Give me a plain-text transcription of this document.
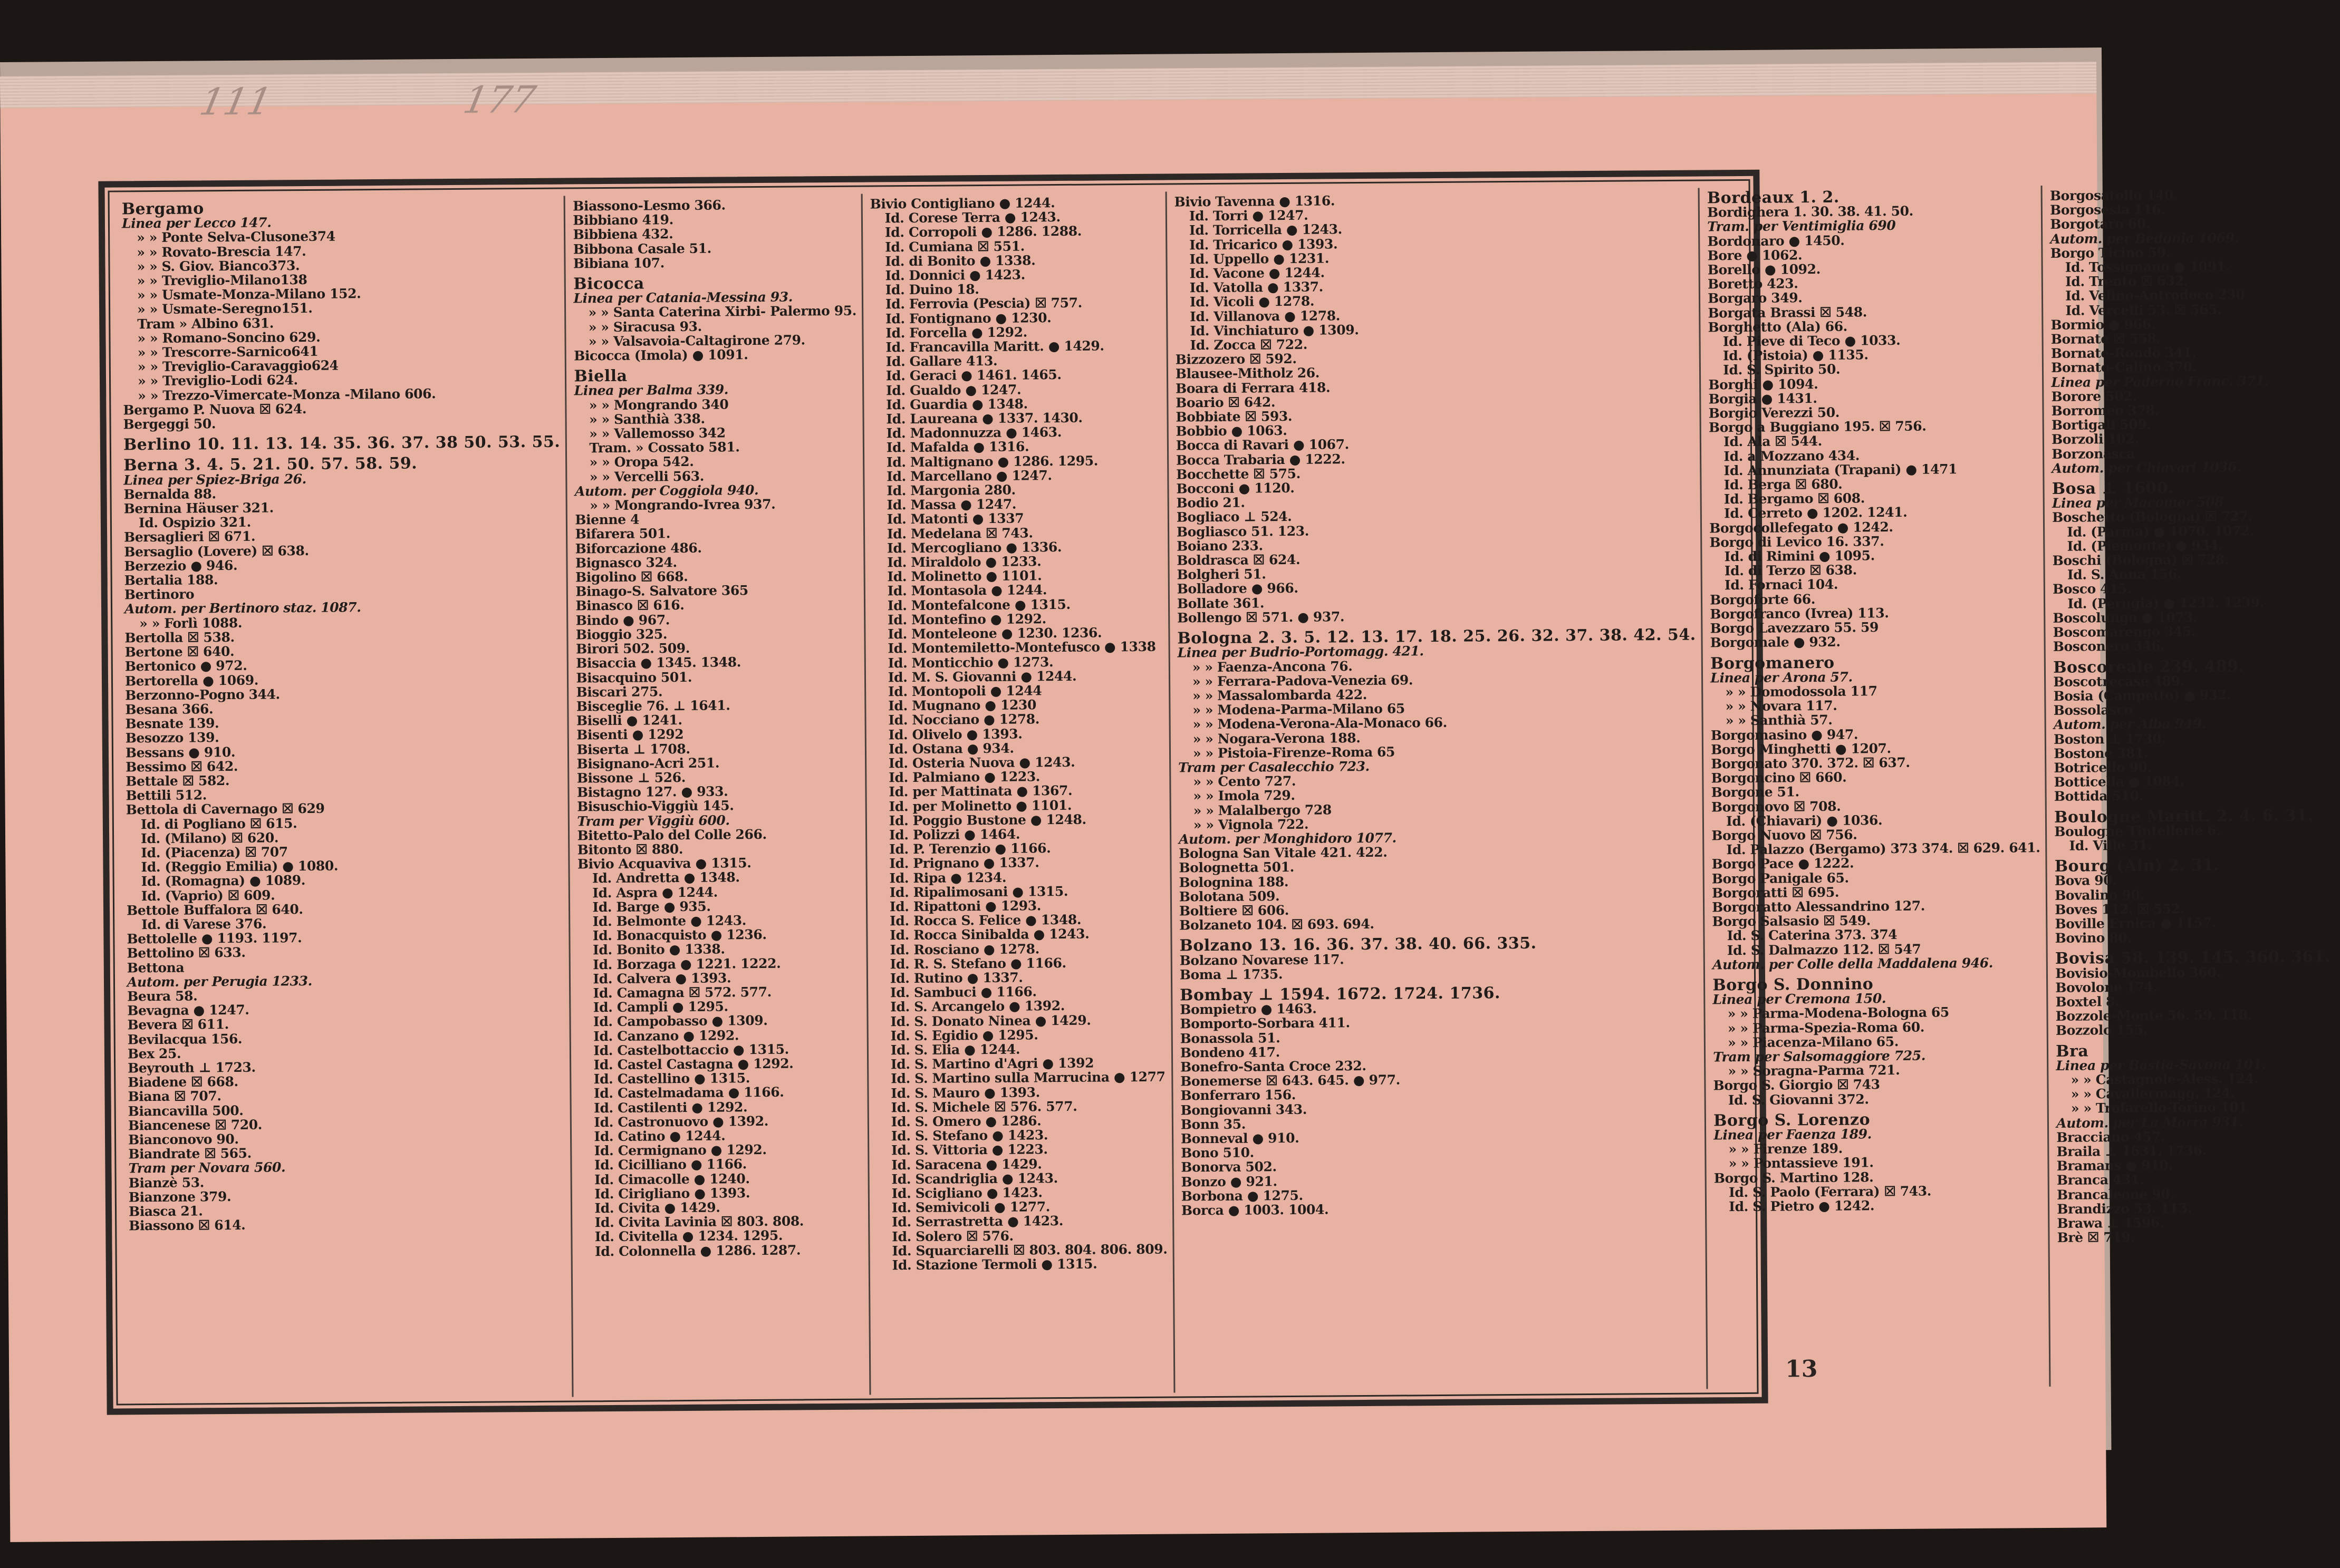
111	177
Bergamo
Linea per Lecco 147.
» » Ponte Selva-Clusone374
» » Rovato-Brescia 147.
» » S. Giov. Bianco373.
» » Treviglio-Milano138
» » Usmate-Monza-Milano 152.
» » Usmate-Seregno151.
Tram » Albino 631.
» » Romano-Soncino 629.
» » Trescorre-Sarnico641
» » Treviglio-Caravaggio624
» » Treviglio-Lodi 624.
» » Trezzo-Vimercate-Monza -Milano 606.
Bergamo P. Nuova ☒ 624.
Bergeggi 50.
Berlino 10. 11. 13. 14. 35. 36. 37. 38 50. 53. 55.
Berna 3. 4. 5. 21. 50. 57. 58. 59.
Linea per Spiez-Briga 26.
Bernalda 88.
Bernina Häuser 321.
Id. Ospizio 321.
Bersaglieri ☒ 671.
Bersaglio (Lovere) ☒ 638.
Berzezio ● 946.
Bertalia 188.
Bertinoro
Autom. per Bertinoro staz. 1087.
» » Forlì 1088.
Bertolla ☒ 538.
Bertone ☒ 640.
Bertonico ● 972.
Bertorella ● 1069.
Berzonno-Pogno 344.
Besana 366.
Besnate 139.
Besozzo 139.
Bessans ● 910.
Bessimo ☒ 642.
Bettale ☒ 582.
Bettili 512.
Bettola di Cavernago ☒ 629
Id. di Pogliano ☒ 615.
Id. (Milano) ☒ 620.
Id. (Piacenza) ☒ 707
Id. (Reggio Emilia) ● 1080.
Id. (Romagna) ● 1089.
Id. (Vaprio) ☒ 609.
Bettole Buffalora ☒ 640.
Id. di Varese 376.
Bettolelle ● 1193. 1197.
Bettolino ☒ 633.
Bettona
Autom. per Perugia 1233.
Beura 58.
Bevagna ● 1247.
Bevera ☒ 611.
Bevilacqua 156.
Bex 25.
Beyrouth ⊥ 1723.
Biadene ☒ 668.
Biana ☒ 707.
Biancavilla 500.
Biancenese ☒ 720.
Bianconovo 90.
Biandrate ☒ 565.
Tram per Novara 560.
Bianzè 53.
Bianzone 379.
Biasca 21.
Biassono ☒ 614.
Biassono-Lesmo 366.
Bibbiano 419.
Bibbiena 432.
Bibbona Casale 51.
Bibiana 107.
Bicocca
Linea per Catania-Messina 93.
» » Santa Caterina Xirbi- Palermo 95.
» » Siracusa 93.
» » Valsavoia-Caltagirone 279.
Bicocca (Imola) ● 1091.
Biella
Linea per Balma 339.
» » Mongrando 340
» » Santhià 338.
» » Vallemosso 342
Tram. » Cossato 581.
» » Oropa 542.
» » Vercelli 563.
Autom. per Coggiola 940.
» » Mongrando-Ivrea 937.
Bienne 4
Bifarera 501.
Biforcazione 486.
Bignasco 324.
Bigolino ☒ 668.
Binago-S. Salvatore 365
Binasco ☒ 616.
Bindo ● 967.
Bioggio 325.
Birori 502. 509.
Bisaccia ● 1345. 1348.
Bisacquino 501.
Biscari 275.
Bisceglie 76. ⊥ 1641.
Biselli ● 1241.
Bisenti ● 1292
Biserta ⊥ 1708.
Bisignano-Acri 251.
Bissone ⊥ 526.
Bistagno 127. ● 933.
Bisuschio-Viggiù 145.
Tram per Viggiù 600.
Bitetto-Palo del Colle 266.
Bitonto ☒ 880.
Bivio Acquaviva ● 1315.
Id. Andretta ● 1348.
Id. Aspra ● 1244.
Id. Barge ● 935.
Id. Belmonte ● 1243.
Id. Bonacquisto ● 1236.
Id. Bonito ● 1338.
Id. Borzaga ● 1221. 1222.
Id. Calvera ● 1393.
Id. Camagna ☒ 572. 577.
Id. Campli ● 1295.
Id. Campobasso ● 1309.
Id. Canzano ● 1292.
Id. Castelbottaccio ● 1315.
Id. Castel Castagna ● 1292.
Id. Castellino ● 1315.
Id. Castelmadama ● 1166.
Id. Castilenti ● 1292.
Id. Castronuovo ● 1392.
Id. Catino ● 1244.
Id. Cermignano ● 1292.
Id. Cicilliano ● 1166.
Id. Cimacolle ● 1240.
Id. Cirigliano ● 1393.
Id. Civita ● 1429.
Id. Civita Lavinia ☒ 803. 808.
Id. Civitella ● 1234. 1295.
Id. Colonnella ● 1286. 1287.
Bivio Contigliano ● 1244.
Id. Corese Terra ● 1243.
Id. Corropoli ● 1286. 1288.
Id. Cumiana ☒ 551.
Id. di Bonito ● 1338.
Id. Donnici ● 1423.
Id. Duino 18.
Id. Ferrovia (Pescia) ☒ 757.
Id. Fontignano ● 1230.
Id. Forcella ● 1292.
Id. Francavilla Maritt. ● 1429.
Id. Gallare 413.
Id. Geraci ● 1461. 1465.
Id. Gualdo ● 1247.
Id. Guardia ● 1348.
Id. Laureana ● 1337. 1430.
Id. Madonnuzza ● 1463.
Id. Mafalda ● 1316.
Id. Maltignano ● 1286. 1295.
Id. Marcellano ● 1247.
Id. Margonia 280.
Id. Massa ● 1247.
Id. Matonti ● 1337
Id. Medelana ☒ 743.
Id. Mercogliano ● 1336.
Id. Miraldolo ● 1233.
Id. Molinetto ● 1101.
Id. Montasola ● 1244.
Id. Montefalcone ● 1315.
Id. Montefino ● 1292.
Id. Monteleone ● 1230. 1236.
Id. Montemiletto-Montefusco ● 1338
Id. Monticchio ● 1273.
Id. M. S. Giovanni ● 1244.
Id. Montopoli ● 1244
Id. Mugnano ● 1230
Id. Nocciano ● 1278.
Id. Olivelo ● 1393.
Id. Ostana ● 934.
Id. Osteria Nuova ● 1243.
Id. Palmiano ● 1223.
Id. per Mattinata ● 1367.
Id. per Molinetto ● 1101.
Id. Poggio Bustone ● 1248.
Id. Polizzi ● 1464.
Id. P. Terenzio ● 1166.
Id. Prignano ● 1337.
Id. Ripa ● 1234.
Id. Ripalimosani ● 1315.
Id. Ripattoni ● 1293.
Id. Rocca S. Felice ● 1348.
Id. Rocca Sinibalda ● 1243.
Id. Rosciano ● 1278.
Id. R. S. Stefano ● 1166.
Id. Rutino ● 1337.
Id. Sambuci ● 1166.
Id. S. Arcangelo ● 1392.
Id. S. Donato Ninea ● 1429.
Id. S. Egidio ● 1295.
Id. S. Elia ● 1244.
Id. S. Martino d'Agri ● 1392
Id. S. Martino sulla Marrucina ● 1277
Id. S. Mauro ● 1393.
Id. S. Michele ☒ 576. 577.
Id. S. Omero ● 1286.
Id. S. Stefano ● 1423.
Id. S. Vittoria ● 1223.
Id. Saracena ● 1429.
Id. Scandriglia ● 1243.
Id. Scigliano ● 1423.
Id. Semivicoli ● 1277.
Id. Serrastretta ● 1423.
Id. Solero ☒ 576.
Id. Squarciarelli ☒ 803. 804. 806. 809.
Id. Stazione Termoli ● 1315.
Bivio Tavenna ● 1316.
Id. Torri ● 1247.
Id. Torricella ● 1243.
Id. Tricarico ● 1393.
Id. Uppello ● 1231.
Id. Vacone ● 1244.
Id. Vatolla ● 1337.
Id. Vicoli ● 1278.
Id. Villanova ● 1278.
Id. Vinchiaturo ● 1309.
Id. Zocca ☒ 722.
Bizzozero ☒ 592.
Blausee-Mitholz 26.
Boara di Ferrara 418.
Boario ☒ 642.
Bobbiate ☒ 593.
Bobbio ● 1063.
Bocca di Ravari ● 1067.
Bocca Trabaria ● 1222.
Bocchette ☒ 575.
Bocconi ● 1120.
Bodio 21.
Bogliaco ⊥ 524.
Bogliasco 51. 123.
Boiano 233.
Boldrasca ☒ 624.
Bolgheri 51.
Bolladore ● 966.
Bollate 361.
Bollengo ☒ 571. ● 937.
Bologna 2. 3. 5. 12. 13. 17. 18. 25. 26. 32. 37. 38. 42. 54.
Linea per Budrio-Portomagg. 421.
» » Faenza-Ancona 76.
» » Ferrara-Padova-Venezia 69.
» » Massalombarda 422.
» » Modena-Parma-Milano 65
» » Modena-Verona-Ala-Monaco 66.
» » Nogara-Verona 188.
» » Pistoia-Firenze-Roma 65
Tram per Casalecchio 723.
» » Cento 727.
» » Imola 729.
» » Malalbergo 728
» » Vignola 722.
Autom. per Monghidoro 1077.
Bologna San Vitale 421. 422.
Bolognetta 501.
Bolognina 188.
Bolotana 509.
Boltiere ☒ 606.
Bolzaneto 104. ☒ 693. 694.
Bolzano 13. 16. 36. 37. 38. 40. 66. 335.
Bolzano Novarese 117.
Boma ⊥ 1735.
Bombay ⊥ 1594. 1672. 1724. 1736.
Bompietro ● 1463.
Bomporto-Sorbara 411.
Bonassola 51.
Bondeno 417.
Bonefro-Santa Croce 232.
Bonemerse ☒ 643. 645. ● 977.
Bonferraro 156.
Bongiovanni 343.
Bonn 35.
Bonneval ● 910.
Bono 510.
Bonorva 502.
Bonzo ● 921.
Borbona ● 1275.
Borca ● 1003. 1004.
Bordeaux 1. 2.
Bordighera 1. 30. 38. 41. 50.
Tram. per Ventimiglia 690
Bordonaro ● 1450.
Bore ● 1062.
Borello ● 1092.
Boretto 423.
Borgaro 349.
Borgata Brassi ☒ 548.
Borghetto (Ala) 66.
Id. Pieve di Teco ● 1033.
Id. (Pistoia) ● 1135.
Id. S. Spirito 50.
Borghi ● 1094.
Borgia ● 1431.
Borgio Verezzi 50.
Borgo a Buggiano 195. ☒ 756.
Id. Ala ☒ 544.
Id. a Mozzano 434.
Id. Annunziata (Trapani) ● 1471
Id. Berga ☒ 680.
Id. Bergamo ☒ 608.
Id. Cerreto ● 1202. 1241.
Borgocollefegato ● 1242.
Borgo di Levico 16. 337.
Id. di Rimini ● 1095.
Id. di Terzo ☒ 638.
Id. Fornaci 104.
Borgoforte 66.
Borgofranco (Ivrea) 113.
Borgo Lavezzaro 55. 59
Borgomale ● 932.
Borgomanero
Linea per Arona 57.
» » Domodossola 117
» » Novara 117.
» » Santhià 57.
Borgomasino ● 947.
Borgo Minghetti ● 1207.
Borgonato 370. 372. ☒ 637.
Borgoncino ☒ 660.
Borgone 51.
Borgonovo ☒ 708.
Id. (Chiavari) ● 1036.
Borgo Nuovo ☒ 756.
Id. Palazzo (Bergamo) 373 374. ☒ 629. 641.
Borgo Pace ● 1222.
Borgo Panigale 65.
Borgoratti ☒ 695.
Borgoratto Alessandrino 127.
Borgo Salsasio ☒ 549.
Id. S. Caterina 373. 374
Id. S. Dalmazzo 112. ☒ 547
Autom. per Colle della Maddalena 946.
Borgo S. Donnino
Linea per Cremona 150.
» » Parma-Modena-Bologna 65
» » Parma-Spezia-Roma 60.
» » Piacenza-Milano 65.
Tram per Salsomaggiore 725.
» » Soragna-Parma 721.
Borgo S. Giorgio ☒ 743
Id. S. Giovanni 372.
Borgo S. Lorenzo
Linea per Faenza 189.
» » Firenze 189.
» » Pontassieve 191.
Borgo S. Martino 128.
Id. S. Paolo (Ferrara) ☒ 743.
Id. S. Pietro ● 1242.
Borgosatollo 140.
Borgosesia 116.
Borgotaro 60.
Autom. per Bedonia 1069.
Borgo Ticino 59.
Id. Tossignano ● 1091.
Id. Trento ☒ 632.
Id. Velino-Antrodoco 230
Id. Vercelli 53. ☒ 565.
Bormio ● 966.
Bornate ☒ 558.
Bornate-Rondò 341.
Bornato-Calino 370.
Linea per Paderno Franc. 371.
Borore 502.
Borromeo 378.
Bortigali 509.
Borzoli 102.
Borzonasca
Autom. per Chiavari 1036.
Bosa ⊥ 1600.
Linea per Macomer 508
Boschetto (Bologna) ☒ 727.
Id. (Parma) ● 1070. 1072.
Id. (Piemonte) ● 934.
Boschi (Bologna) ☒ 728.
Id. S. Anna 156.
Bosco 415.
Id. (Perugia) ● 1232. 1239.
Boscolungo ● 1073.
Boscomarengo 345.
Bosconero 346.
Boscoreale 239. 489.
Boscotrecase 489.
Bosia (Campetto) ● 932.
Bossolasco
Autom. per Alba 949.
Boston ⊥ 1730.
Bostone 381.
Botricello 90.
Botticella ● 1084.
Bottida 510.
Boulogne Maritt. 2. 4. 6. 31.
Boulogne Tintellerie 6.
Id. Ville 31.
Bourg (Ain) 2. 31.
Bova 90.
Bovalino 90.
Boves 112. ☒ 552.
Boville Ernica ● 1157.
Bovino 80.
Bovisa 58. 139. 145. 360. 361.
Bovisio-Mombello 360.
Bovolone 174.
Boxtel 8.
Bozzole-Monte 56. 59. 118.
Bozzolo 155.
Bra
Linea per Bastia-Savona 101.
» » Castagnole-Aless. 124.
» » Cavallermagg. 124.
» » Trofarello-Torino 101
Autom. per La Morra 931.
Bracciano 457.
Braila ⊥ 1631. 1736.
Bramans ● 910.
Branca 431.
Brancaleone 90.
Brandizzo 53. 113.
Brawa ⊥ 1596.
Brè ☒ 719.
13
